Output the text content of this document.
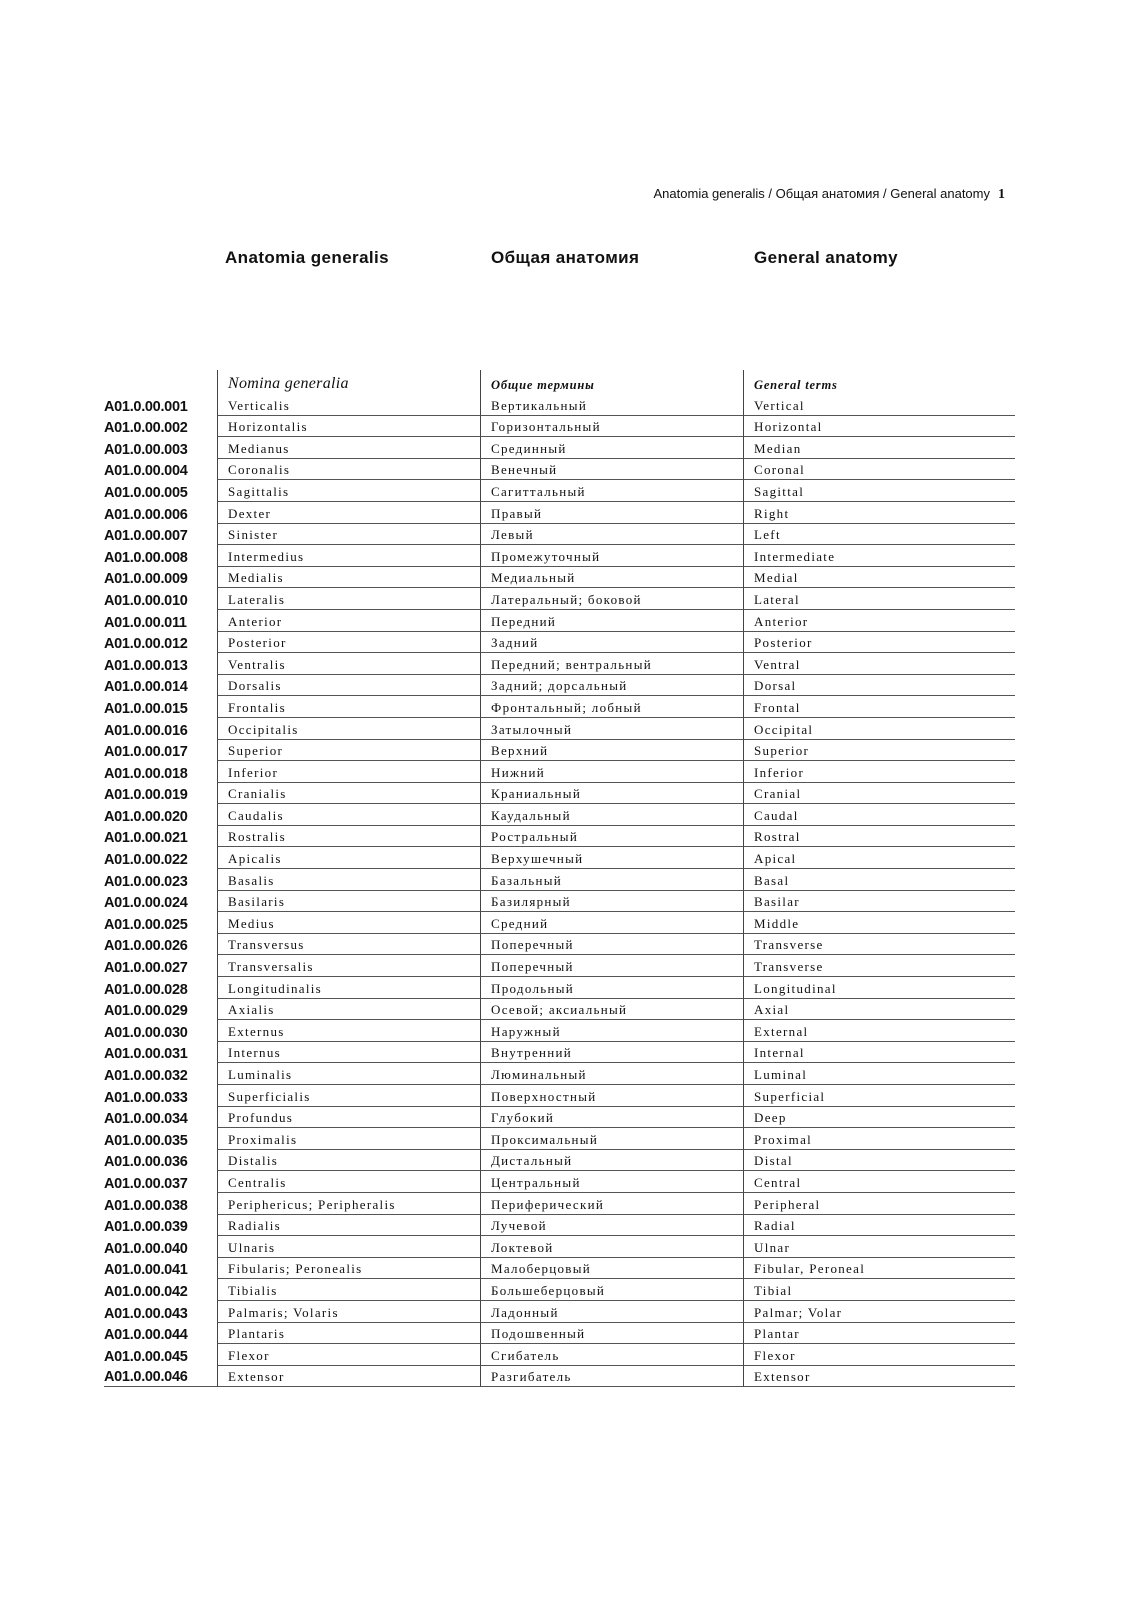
Anatomia generalis / Общая анатомия / General anatomy 1
Anatomia generalis	Общая анатомия	General anatomy
Nomina generalia	Общие термины	General terms
A01.0.00.001	Verticalis	Вертикальный	Vertical
A01.0.00.002	Horizontalis	Горизонтальный	Horizontal
A01.0.00.003	Medianus	Срединный	Median
A01.0.00.004	Coronalis	Венечный	Coronal
A01.0.00.005	Sagittalis	Сагиттальный	Sagittal
A01.0.00.006	Dexter	Правый	Right
A01.0.00.007	Sinister	Левый	Left
A01.0.00.008	Intermedius	Промежуточный	Intermediate
A01.0.00.009	Medialis	Медиальный	Medial
A01.0.00.010	Lateralis	Латеральный; боковой	Lateral
A01.0.00.011	Anterior	Передний	Anterior
A01.0.00.012	Posterior	Задний	Posterior
A01.0.00.013	Ventralis	Передний; вентральный	Ventral
A01.0.00.014	Dorsalis	Задний; дорсальный	Dorsal
A01.0.00.015	Frontalis	Фронтальный; лобный	Frontal
A01.0.00.016	Occipitalis	Затылочный	Occipital
A01.0.00.017	Superior	Верхний	Superior
A01.0.00.018	Inferior	Нижний	Inferior
A01.0.00.019	Cranialis	Краниальный	Cranial
A01.0.00.020	Caudalis	Каудальный	Caudal
A01.0.00.021	Rostralis	Ростральный	Rostral
A01.0.00.022	Apicalis	Верхушечный	Apical
A01.0.00.023	Basalis	Базальный	Basal
A01.0.00.024	Basilaris	Базилярный	Basilar
A01.0.00.025	Medius	Средний	Middle
A01.0.00.026	Transversus	Поперечный	Transverse
A01.0.00.027	Transversalis	Поперечный	Transverse
A01.0.00.028	Longitudinalis	Продольный	Longitudinal
A01.0.00.029	Axialis	Осевой; аксиальный	Axial
A01.0.00.030	Externus	Наружный	External
A01.0.00.031	Internus	Внутренний	Internal
A01.0.00.032	Luminalis	Люминальный	Luminal
A01.0.00.033	Superficialis	Поверхностный	Superficial
A01.0.00.034	Profundus	Глубокий	Deep
A01.0.00.035	Proximalis	Проксимальный	Proximal
A01.0.00.036	Distalis	Дистальный	Distal
A01.0.00.037	Centralis	Центральный	Central
A01.0.00.038	Periphericus; Peripheralis	Периферический	Peripheral
A01.0.00.039	Radialis	Лучевой	Radial
A01.0.00.040	Ulnaris	Локтевой	Ulnar
A01.0.00.041	Fibularis; Peronealis	Малоберцовый	Fibular, Peroneal
A01.0.00.042	Tibialis	Большеберцовый	Tibial
A01.0.00.043	Palmaris; Volaris	Ладонный	Palmar; Volar
A01.0.00.044	Plantaris	Подошвенный	Plantar
A01.0.00.045	Flexor	Сгибатель	Flexor
A01.0.00.046	Extensor	Разгибатель	Extensor
